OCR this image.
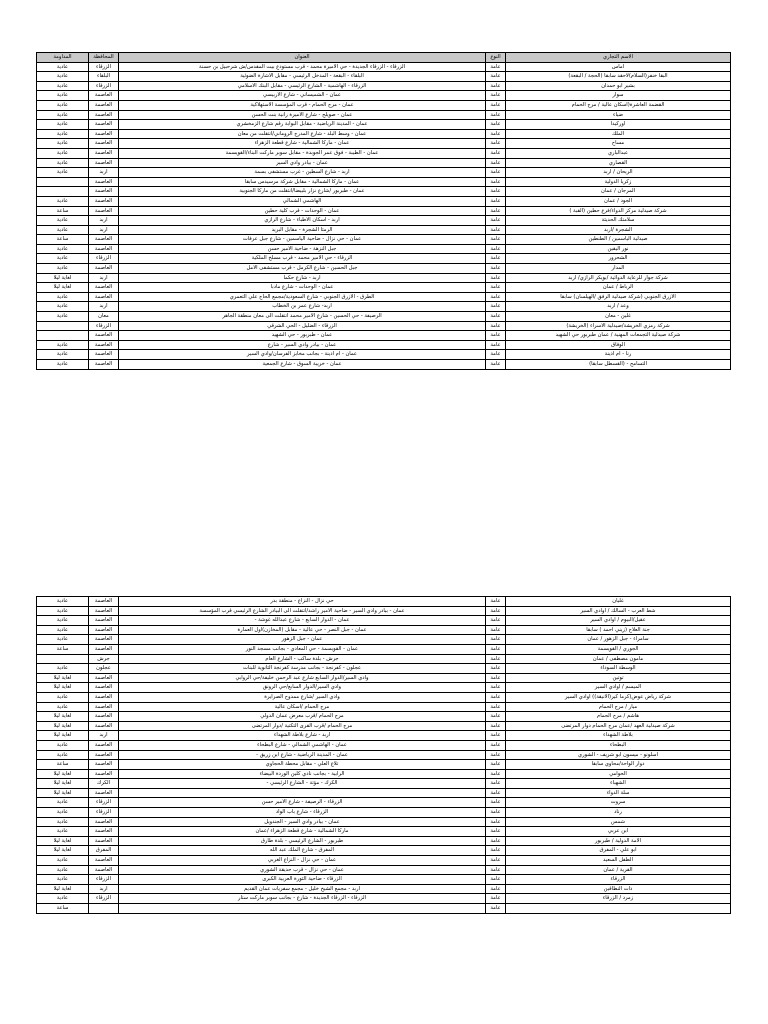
الاسم التجاري	النوع	العنوان	المحافظة		المداومة
اماس	عامة	الزرقاء - الزرقاء الجديدة - حي الاميرة محمد - قرب مستودع بيت المقدس/ش شرحبيل بن حسنة	الزرقاء		عادية
البقا خنفر(السلام)لاحقد سابقا (الحجة / البقعة)	عامة	البلقاء - البقعة - المدخل الرئيسي - مقابل الاشارة الضوئية	البلقاء		عادية
بشير ابو حمدان	عامة	الزرقاء - الهاشمية - الشارع الرئيسي - مقابل البنك الاسلامي	الزرقاء		عادية
سوار	عامة	عمان - الشميساني - شارع الاربيسي	العاصمة		عادية
القضمة العاشرة(اسكان عالية / مرج الحمام	عامة	عمان - مرج الحمام - قرب المؤسسة الاستهلاكية	العاصمة		عادية
ضياء	عامة	عمان - صويلح - شارع الاميرة رانية بنت الحسن	العاصمة		عادية
اوركيدا	عامة	عمان - المدينة الرياضية - مقابل البوابة رقم شارع الزمخشري	العاصمة		عادية
الملك	عامة	عمان - وسط البلد - شارع المدرج الروماني/انتقلت من معان	العاصمة		عادية
مساح	عامة	عمان - ماركا الشمالية - شارع قطعة الزهراء	العاصمة		عادية
عبدالباري	عامة	عمان - الطيبة - فوق عمر الجوبدة - مقابل سوبر ماركت البناء/القويسمة	العاصمة		عادية
القصاري	عامة	عمان - بيادر وادي السير	العاصمة		عادية
الريحان / اربد	عامة	اربد - شارع السطين - غرب مستشفى بسمة	اربد		عادية
زكريا الدولية	عامة	عمان - ماركا الشمالية - مقابل شركة مرسيدس سابقا	العاصمة		
المرجان / عمان	عامة	عمان - طبربور /شارع نزار بلبيضا/انتقلت من ماركا الجنوبية	العاصمة		
الجود / عمان	عامة	الهاشمي الشمالي	العاصمة		عادية
شركة صيدلية مركز الدواء/فرع حطين (القبة )	عامة	عمان - الوحدات - قرب كلية حطين	العاصمة		ساعة
سلامتك الحديثة	عامة	اربد - اسكان الاطباء - شارع الرازي	اربد		عادية
الشجرة /اربد	عامة	الرمثا الشجرة - مقابل البريد	اربد		عادية
صيدلية الياسمين / الطنطين	عامة	عمان - حي نزال - ضاحية الياسمين - شارع جبل عرفات	العاصمة		ساعة
نور اليقين	عامة	جبل النزهة - ضاحية الامير حسن	العاصمة		عادية
الشحرور	عامة	الزرقاء - حي الامير محمد - قرب مسلخ الملكية	الزرقاء		عادية
المدار	عامة	جبل الحسين - شارع الكرمل - قرب مستشفى الامل	العاصمة		عادية
شركة جوار للرعاية الدوائية /بويكر الرازي/ اربد	عامة	اربد - شارع حكما	اربد		لغاية ليلا
الرباط / عمان	عامة	عمان - الوحدات - شارع مادبا	العاصمة		لغاية ليلا
الازرق الجنوبي (شركة صيدلية الرفق /الهيلسان) سابقا	عامة	الطرق - الازرق الجنوبي - شارع السعودية/مجمع الحاج علي التعمري	العاصمة		عادية
وعد / اربد	عامة	اربد- شارع عمر بن الخطاب	اربد		عادية
غلين - معان	عامة	الرصيفة - حي الحسين - شارع الامير محمد انتقلت الى معان منطقة الجاهر	معان		عادية
شركة رمزي الخريشة/صيدلية الاسراء (الخريشة)	عامة	الزرقاء - الضليل - الحي الشرقي	الزرقاء		
شركة صيدلية التجمعات المهنية / عمان طبربور حي الشهيد	عامة	عمان - طبربور - حي الشهيد	العاصمة		
الوفاق	عامة	عمان - بيادر وادي السير - شارع	العاصمة		عادية
رنا - ام اذينة	عامة	عمان - ام اذينة - بجانب مخابز الفرسان/وادي السير	العاصمة		عادية
التسامح - (القسطل سابقا)	عامة	عمان - خريبة السوق - شارع الجمعية	العاصمة		عادية
غليان	عامة	حي نزال - النزاع - منطقة بدر	العاصمة		عادية
شط العرب - السالك / اوادي السير	عامة	عمان - بيادر وادي السير - ضاحية الامير راشد/انتقلت الى البيادر الشارع الرئيسي قرب المؤسسة	العاصمة		عادية
عقيل/البيوم / اوادي السير	عامة	عمان - الدوار السابع - شارع عبدالله غوشة -	العاصمة		عادية
جنة العلاج (زيني احمد ) سابقا	عامة	عمان - جبل النصر - حي عالية - مقابل (المخازن)اول العمارة	العاصمة		عادية
سامراء - جبل الزهور / عمان	عامة	عمان - جبل الزهور	العاصمة		عادية
الجوري / القويسمة	عامة	عمان - القويسمة - حي المعادي - بجانب مسجد النور	العاصمة		ساعة
مامون مصطفى / عمان	عامة	جرش - بلدة ساكب - الشارع العام	جرش		
الوسطة السوداء	عامة	عجلون - كفرنجة - بجانب مدرسة كفرنجة الثانوية للبنات	عجلون		عادية
توتين	عامة	وادي السير/الدوار السابع شارع عبد الرحمن خليفة/حي الروابي	العاصمة		لغاية ليلا
الميسم / اوادي السير	عامة	وادي السير/الدوار السابع/حي الرونق	العاصمة		لغاية ليلا
شركة رياض عوض(كرما كير(الانيقة)) اوادي السير	عامة	وادي السير /شارع ممدوح الصرايرة	العاصمة		عادية
ميار / مرج الحمام	عامة	مرج الحمام /اسكان عالية	العاصمة		عادية
هاشم / مرج الحمام	عامة	مرج الحمام /قرب معرض عمان الدولي	العاصمة		لغاية ليلا
شركة صيدلية العهد /عمان مرج الحمام دوار المرتضى	عامة	مرج الحمام /قرب القرى التكتية /دوار المرتضى	العاصمة		لغاية ليلا
بلاطة الشهداء	عامة	اربد - شارع بلاطة الشهداء	اربد		لغاية ليلا
البطحاء	عامة	عمان - الهاشمي الشمالي - شارع البطحاء	العاصمة		عادية
اسلونو - ميسون ابو شريف - الشوري	عامة	عمان - المدينة الرياضية - شارع ابن زريق -	العاصمة		عادية
دوار الواحة/محاوي سابقا	عامة	تلاع العلي - مقابل محطة الحجاوي	العاصمة		ساعة
الحوامي	عامة	الرابية - بجانب نادي كلين الوردة البيضاء	العاصمة		لغاية ليلا
الشهباء	عامة	الكرك - مؤتة - الشارع الرئيسي -	الكرك		لغاية ليلا
سلة الدواء	عامة		العاصمة		لغاية ليلا
سروت	عامة	الزرقاء - الرصيفة - شارع الامير حسن	الزرقاء		عادية
رناد	عامة	الزرقاء - شارع باب الواد	الزرقاء		عادية
شمس	عامة	عمان - بيادر وادي السير - الجندويل	العاصمة		عادية
ابن عربي	عامة	ماركا الشمالية - شارع قطعة الزهراء /عمان	العاصمة		عادية
الامة الدولية / طبربور	عامة	طبربور - الشارع الرئيسي - بلدة طارق	العاصمة		لغاية ليلا
ابو علي - المفرق	عامة	المفرق - شارع الملك عبد الله	المفرق		لغاية ليلا
الطفل السعيد	عامة	عمان - حي نزال - النزاع الغربي	العاصمة		عادية
القرية / عمان	عامة	عمان - حي نزال - قرب حديقة الشوري	العاصمة		عادية
الزرقاء	عامة	الزرقاء - ضاحية الثورة العربية الكبرى	الزرقاء		عادية
ذات النطاقين	عامة	اربد - مجمع الشيخ خليل - مجمع سفريات عمان القديم	اربد		لغاية ليلا
زمرد / الزرقاء	عامة	الزرقاء - الزرقاء الجديدة - شارع - بجانب سوبر ماركت ستار	الزرقاء		عادية
	عامة				ساعة
